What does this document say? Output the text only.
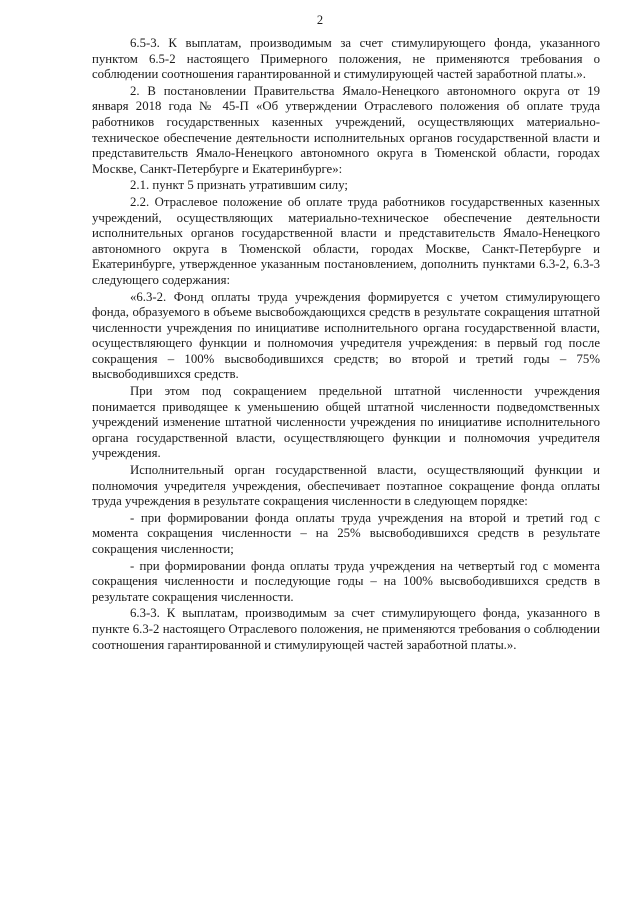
2

6.5-3. К выплатам, производимым за счет стимулирующего фонда, указанного пунктом 6.5-2 настоящего Примерного положения, не применяются требования о соблюдении соотношения гарантированной и стимулирующей частей заработной платы.».

2. В постановлении Правительства Ямало-Ненецкого автономного округа от 19 января 2018 года № 45-П «Об утверждении Отраслевого положения об оплате труда работников государственных казенных учреждений, осуществляющих материально-техническое обеспечение деятельности исполнительных органов государственной власти и представительств Ямало-Ненецкого автономного округа в Тюменской области, городах Москве, Санкт-Петербурге и Екатеринбурге»:

2.1. пункт 5 признать утратившим силу;

2.2. Отраслевое положение об оплате труда работников государственных казенных учреждений, осуществляющих материально-техническое обеспечение деятельности исполнительных органов государственной власти и представительств Ямало-Ненецкого автономного округа в Тюменской области, городах Москве, Санкт-Петербурге и Екатеринбурге, утвержденное указанным постановлением, дополнить пунктами 6.3-2, 6.3-3 следующего содержания:

«6.3-2. Фонд оплаты труда учреждения формируется с учетом стимулирующего фонда, образуемого в объеме высвобождающихся средств в результате сокращения штатной численности учреждения по инициативе исполнительного органа государственной власти, осуществляющего функции и полномочия учредителя учреждения: в первый год после сокращения – 100% высвободившихся средств; во второй и третий годы – 75% высвободившихся средств.

При этом под сокращением предельной штатной численности учреждения понимается приводящее к уменьшению общей штатной численности подведомственных учреждений изменение штатной численности учреждения по инициативе исполнительного органа государственной власти, осуществляющего функции и полномочия учредителя учреждения.

Исполнительный орган государственной власти, осуществляющий функции и полномочия учредителя учреждения, обеспечивает поэтапное сокращение фонда оплаты труда учреждения в результате сокращения численности в следующем порядке:

- при формировании фонда оплаты труда учреждения на второй и третий год с момента сокращения численности – на 25% высвободившихся средств в результате сокращения численности;

- при формировании фонда оплаты труда учреждения на четвертый год с момента сокращения численности и последующие годы – на 100% высвободившихся средств в результате сокращения численности.

6.3-3. К выплатам, производимым за счет стимулирующего фонда, указанного в пункте 6.3-2 настоящего Отраслевого положения, не применяются требования о соблюдении соотношения гарантированной и стимулирующей частей заработной платы.».
